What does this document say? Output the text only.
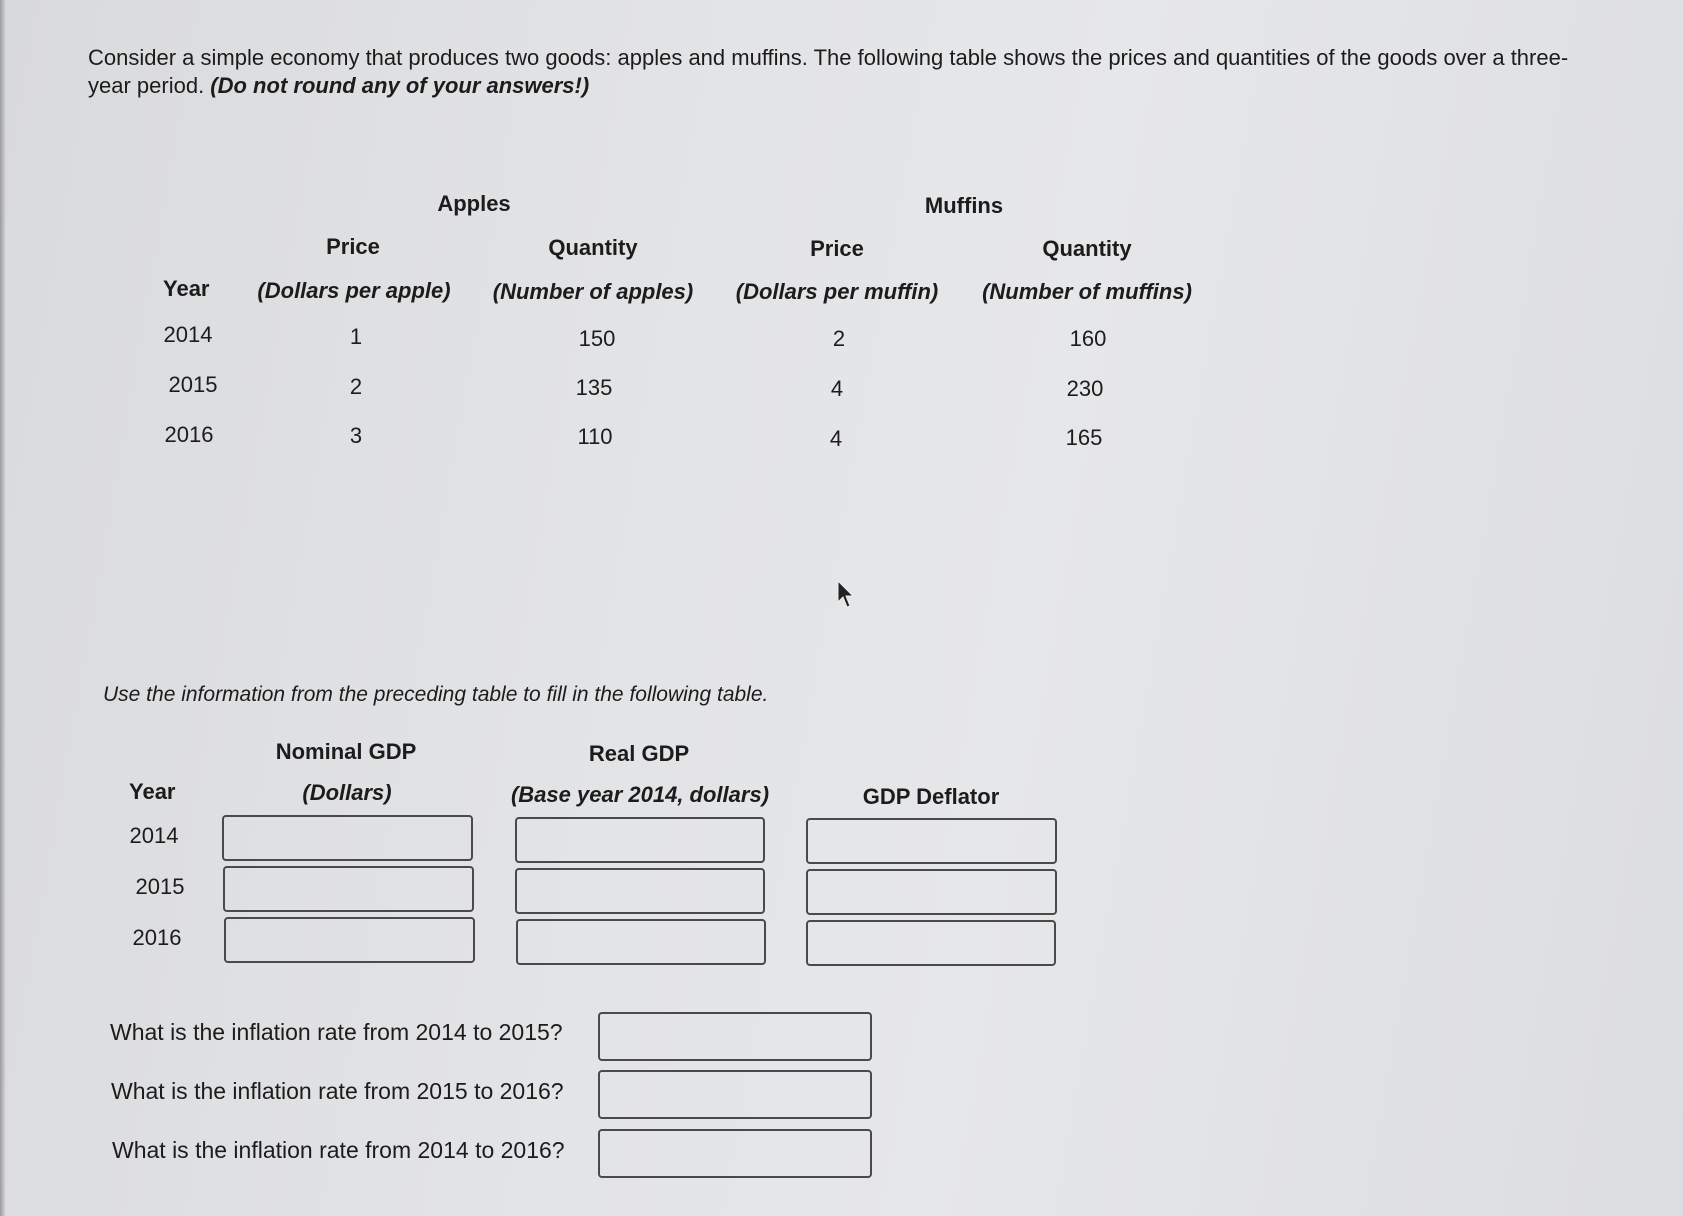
Consider a simple economy that produces two goods: apples and muffins. The following table shows the prices and quantities of the goods over a three-year period. (Do not round any of your answers!)
Apples	Muffins
Price	Quantity	Price	Quantity
Year (Dollars per apple) (Number of apples) (Dollars per muffin) (Number of muffins)
2014	1	150	2	160
2015	2	135	4	230
2016	3	110	4	165
Use the information from the preceding table to fill in the following table.
Nominal GDP	Real GDP
Year	(Dollars)	(Base year 2014, dollars)	GDP Deflator
2014
2015
2016
What is the inflation rate from 2014 to 2015?
What is the inflation rate from 2015 to 2016?
What is the inflation rate from 2014 to 2016?
